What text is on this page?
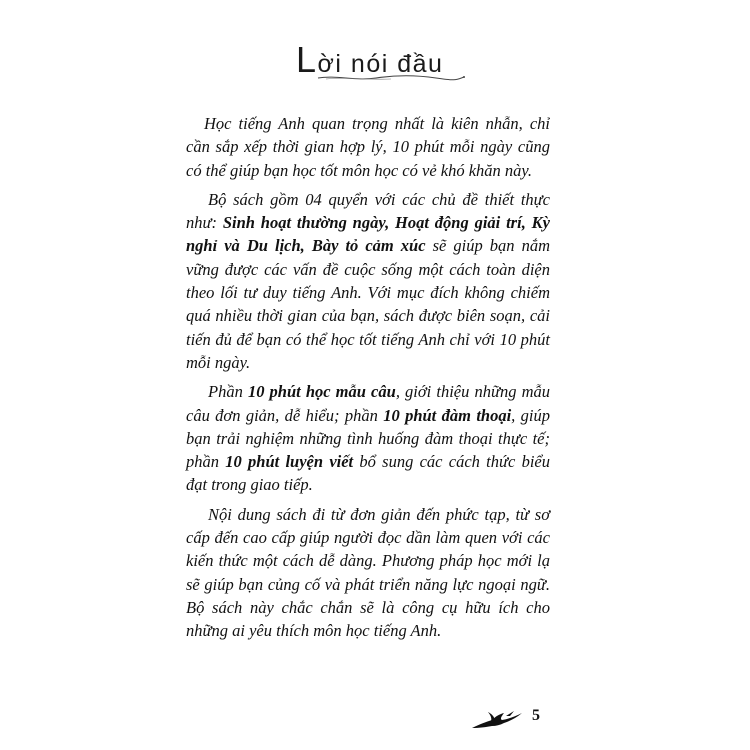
Lời nói đầu

Học tiếng Anh quan trọng nhất là kiên nhẫn, chỉ cần sắp xếp thời gian hợp lý, 10 phút mỗi ngày cũng có thể giúp bạn học tốt môn học có vẻ khó khăn này.

Bộ sách gồm 04 quyển với các chủ đề thiết thực như: Sinh hoạt thường ngày, Hoạt động giải trí, Kỳ nghỉ và Du lịch, Bày tỏ cảm xúc sẽ giúp bạn nắm vững được các vấn đề cuộc sống một cách toàn diện theo lối tư duy tiếng Anh. Với mục đích không chiếm quá nhiều thời gian của bạn, sách được biên soạn, cải tiến đủ để bạn có thể học tốt tiếng Anh chỉ với 10 phút mỗi ngày.

Phần 10 phút học mẫu câu, giới thiệu những mẫu câu đơn giản, dễ hiểu; phần 10 phút đàm thoại, giúp bạn trải nghiệm những tình huống đàm thoại thực tế; phần 10 phút luyện viết bổ sung các cách thức biểu đạt trong giao tiếp.

Nội dung sách đi từ đơn giản đến phức tạp, từ sơ cấp đến cao cấp giúp người đọc dần làm quen với các kiến thức một cách dễ dàng. Phương pháp học mới lạ sẽ giúp bạn củng cố và phát triển năng lực ngoại ngữ. Bộ sách này chắc chắn sẽ là công cụ hữu ích cho những ai yêu thích môn học tiếng Anh.

5
